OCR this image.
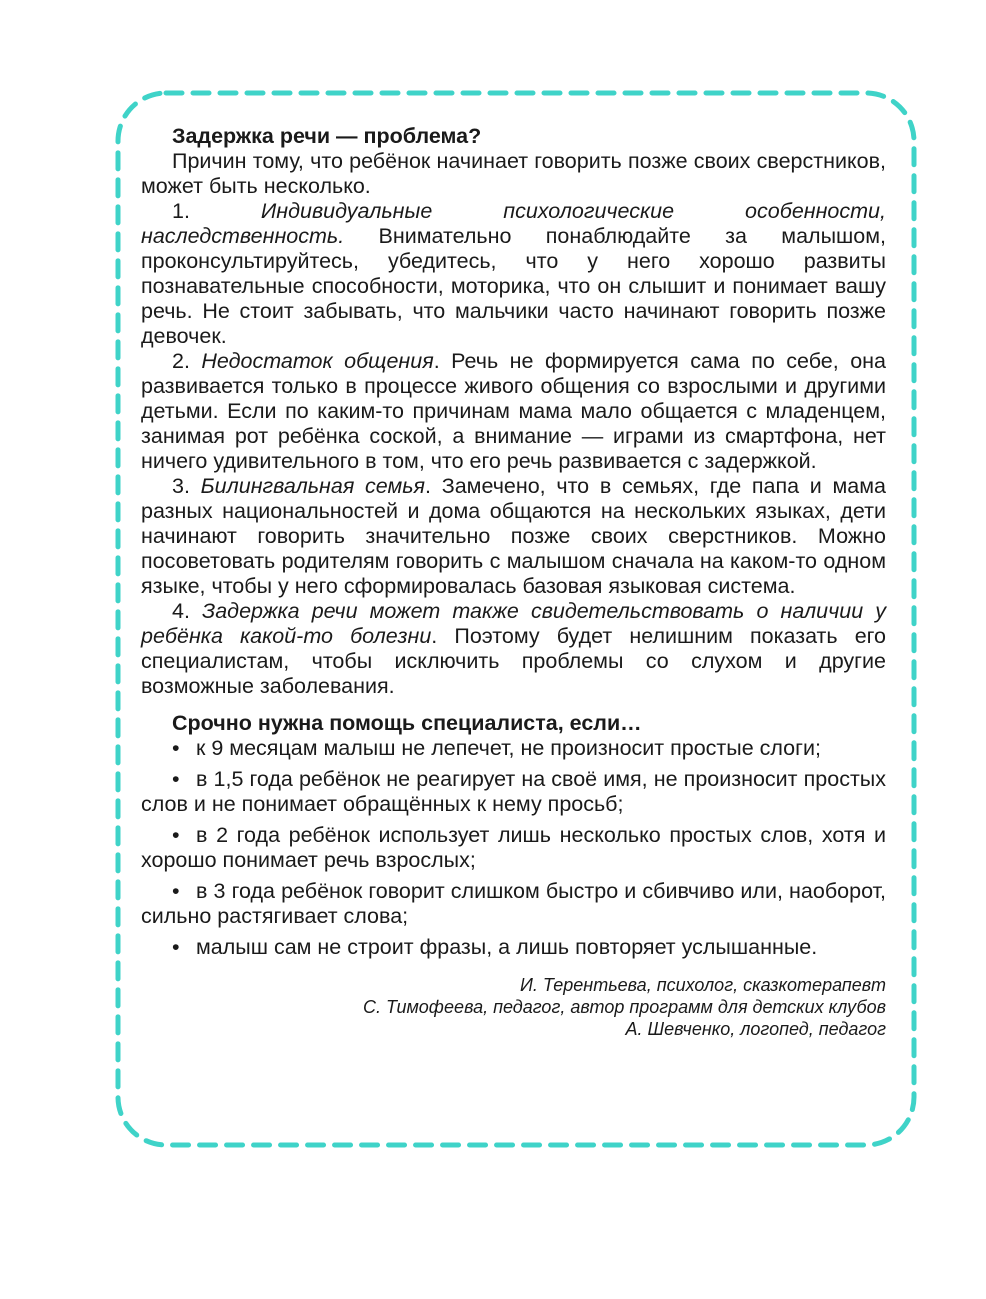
Задержка речи — проблема?

Причин тому, что ребёнок начинает говорить позже своих сверстников, может быть несколько.

1.	Индивидуальные психологические особенности, наследственность. Внимательно понаблюдайте за малышом, проконсультируйтесь, убедитесь, что у него хорошо развиты познавательные способности, моторика, что он слышит и понимает вашу речь. Не стоит забывать, что мальчики часто начинают говорить позже девочек.

2. Недостаток общения. Речь не формируется сама по себе, она развивается только в процессе живого общения со взрослыми и другими детьми. Если по каким-то причинам мама мало общается с младенцем, занимая рот ребёнка соской, а внимание — играми из смартфона, нет ничего удивительного в том, что его речь развивается с задержкой.

3. Билингвальная семья. Замечено, что в семьях, где папа и мама разных национальностей и дома общаются на нескольких языках, дети начинают говорить значительно позже своих сверстников. Можно посоветовать родителям говорить с малышом сначала на каком-то одном языке, чтобы у него сформировалась базовая языковая система.

4. Задержка речи может также свидетельствовать о наличии у ребёнка какой-то болезни. Поэтому будет нелишним показать его специалистам, чтобы исключить проблемы со слухом и другие возможные заболевания.

Срочно нужна помощь специалиста, если…
• к 9 месяцам малыш не лепечет, не произносит простые слоги;
• в 1,5 года ребёнок не реагирует на своё имя, не произносит простых слов и не понимает обращённых к нему просьб;
• в 2 года ребёнок использует лишь несколько простых слов, хотя и хорошо понимает речь взрослых;
• в 3 года ребёнок говорит слишком быстро и сбивчиво или, наоборот, сильно растягивает слова;
• малыш сам не строит фразы, а лишь повторяет услышанные.
И. Терентьева, психолог, сказкотерапевт
С. Тимофеева, педагог, автор программ для детских клубов
А. Шевченко, логопед, педагог
